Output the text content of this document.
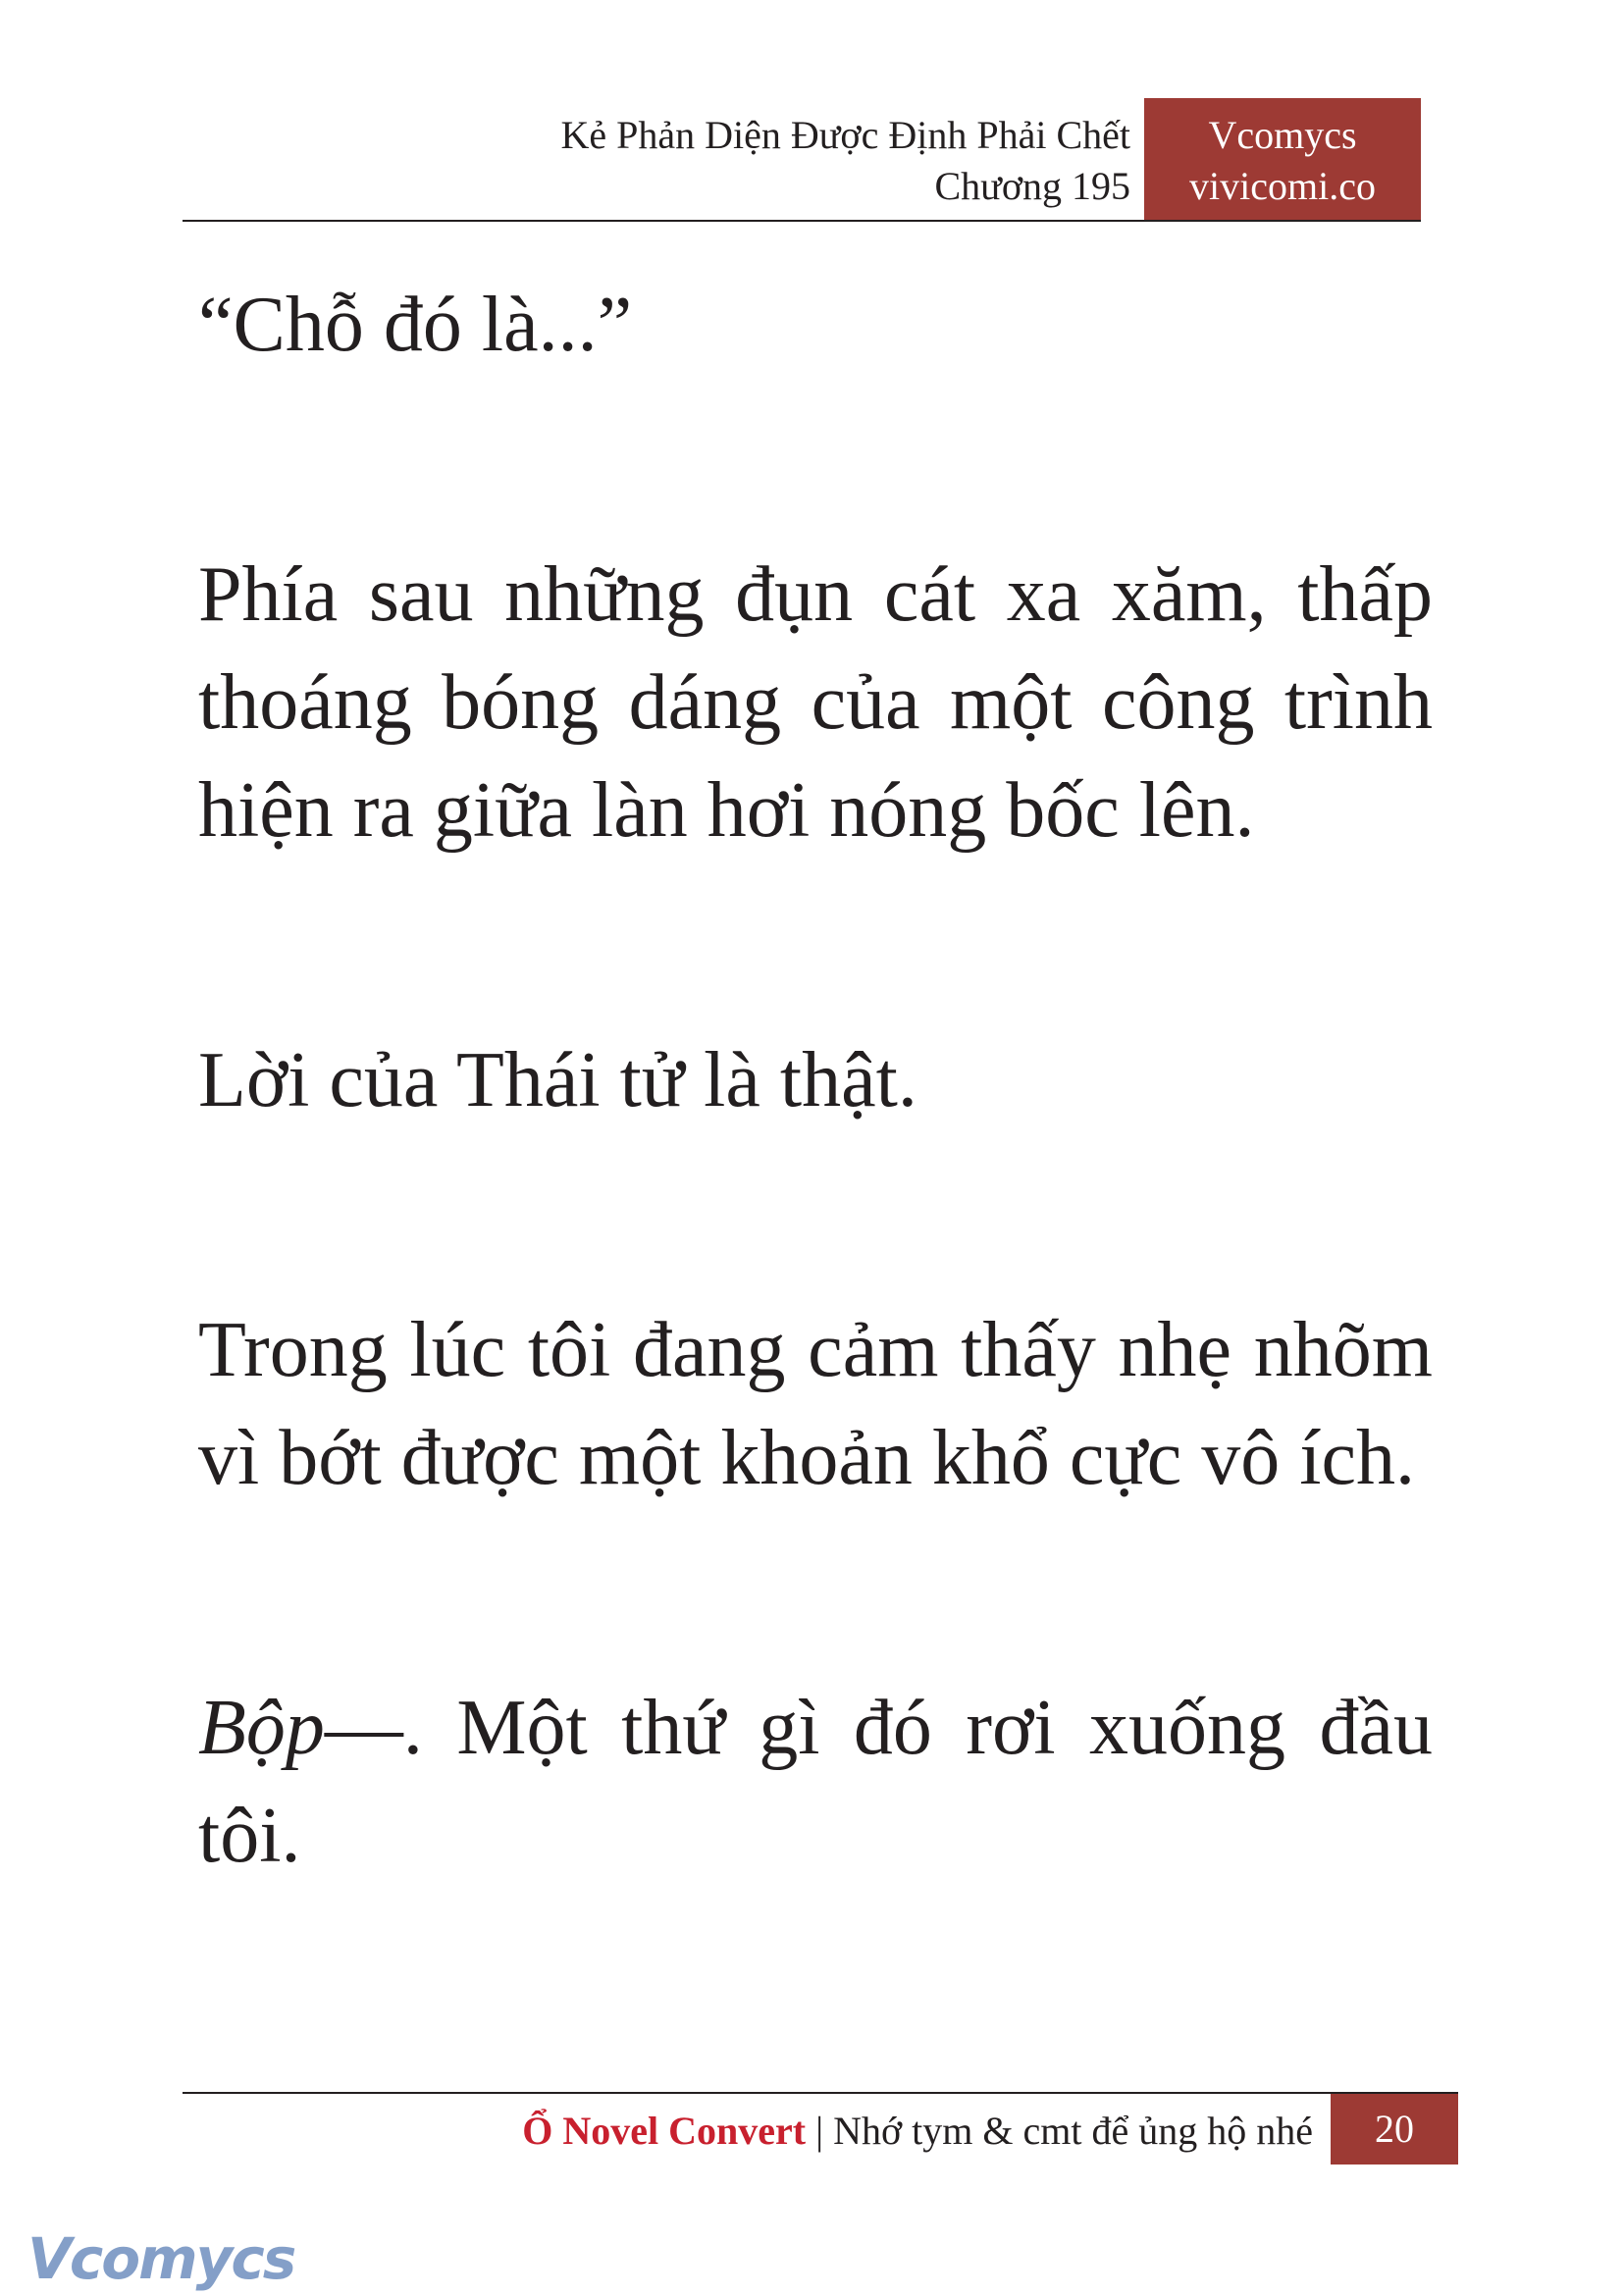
Kẻ Phản Diện Được Định Phải Chết
Chương 195
Vcomycs
vivicomi.co

“Chỗ đó là...”

Phía sau những đụn cát xa xăm, thấp thoáng bóng dáng của một công trình hiện ra giữa làn hơi nóng bốc lên.

Lời của Thái tử là thật.

Trong lúc tôi đang cảm thấy nhẹ nhõm vì bớt được một khoản khổ cực vô ích.

Bộp—. Một thứ gì đó rơi xuống đầu tôi.

Ổ Novel Convert | Nhớ tym & cmt để ủng hộ nhé	20
Vcomycs
